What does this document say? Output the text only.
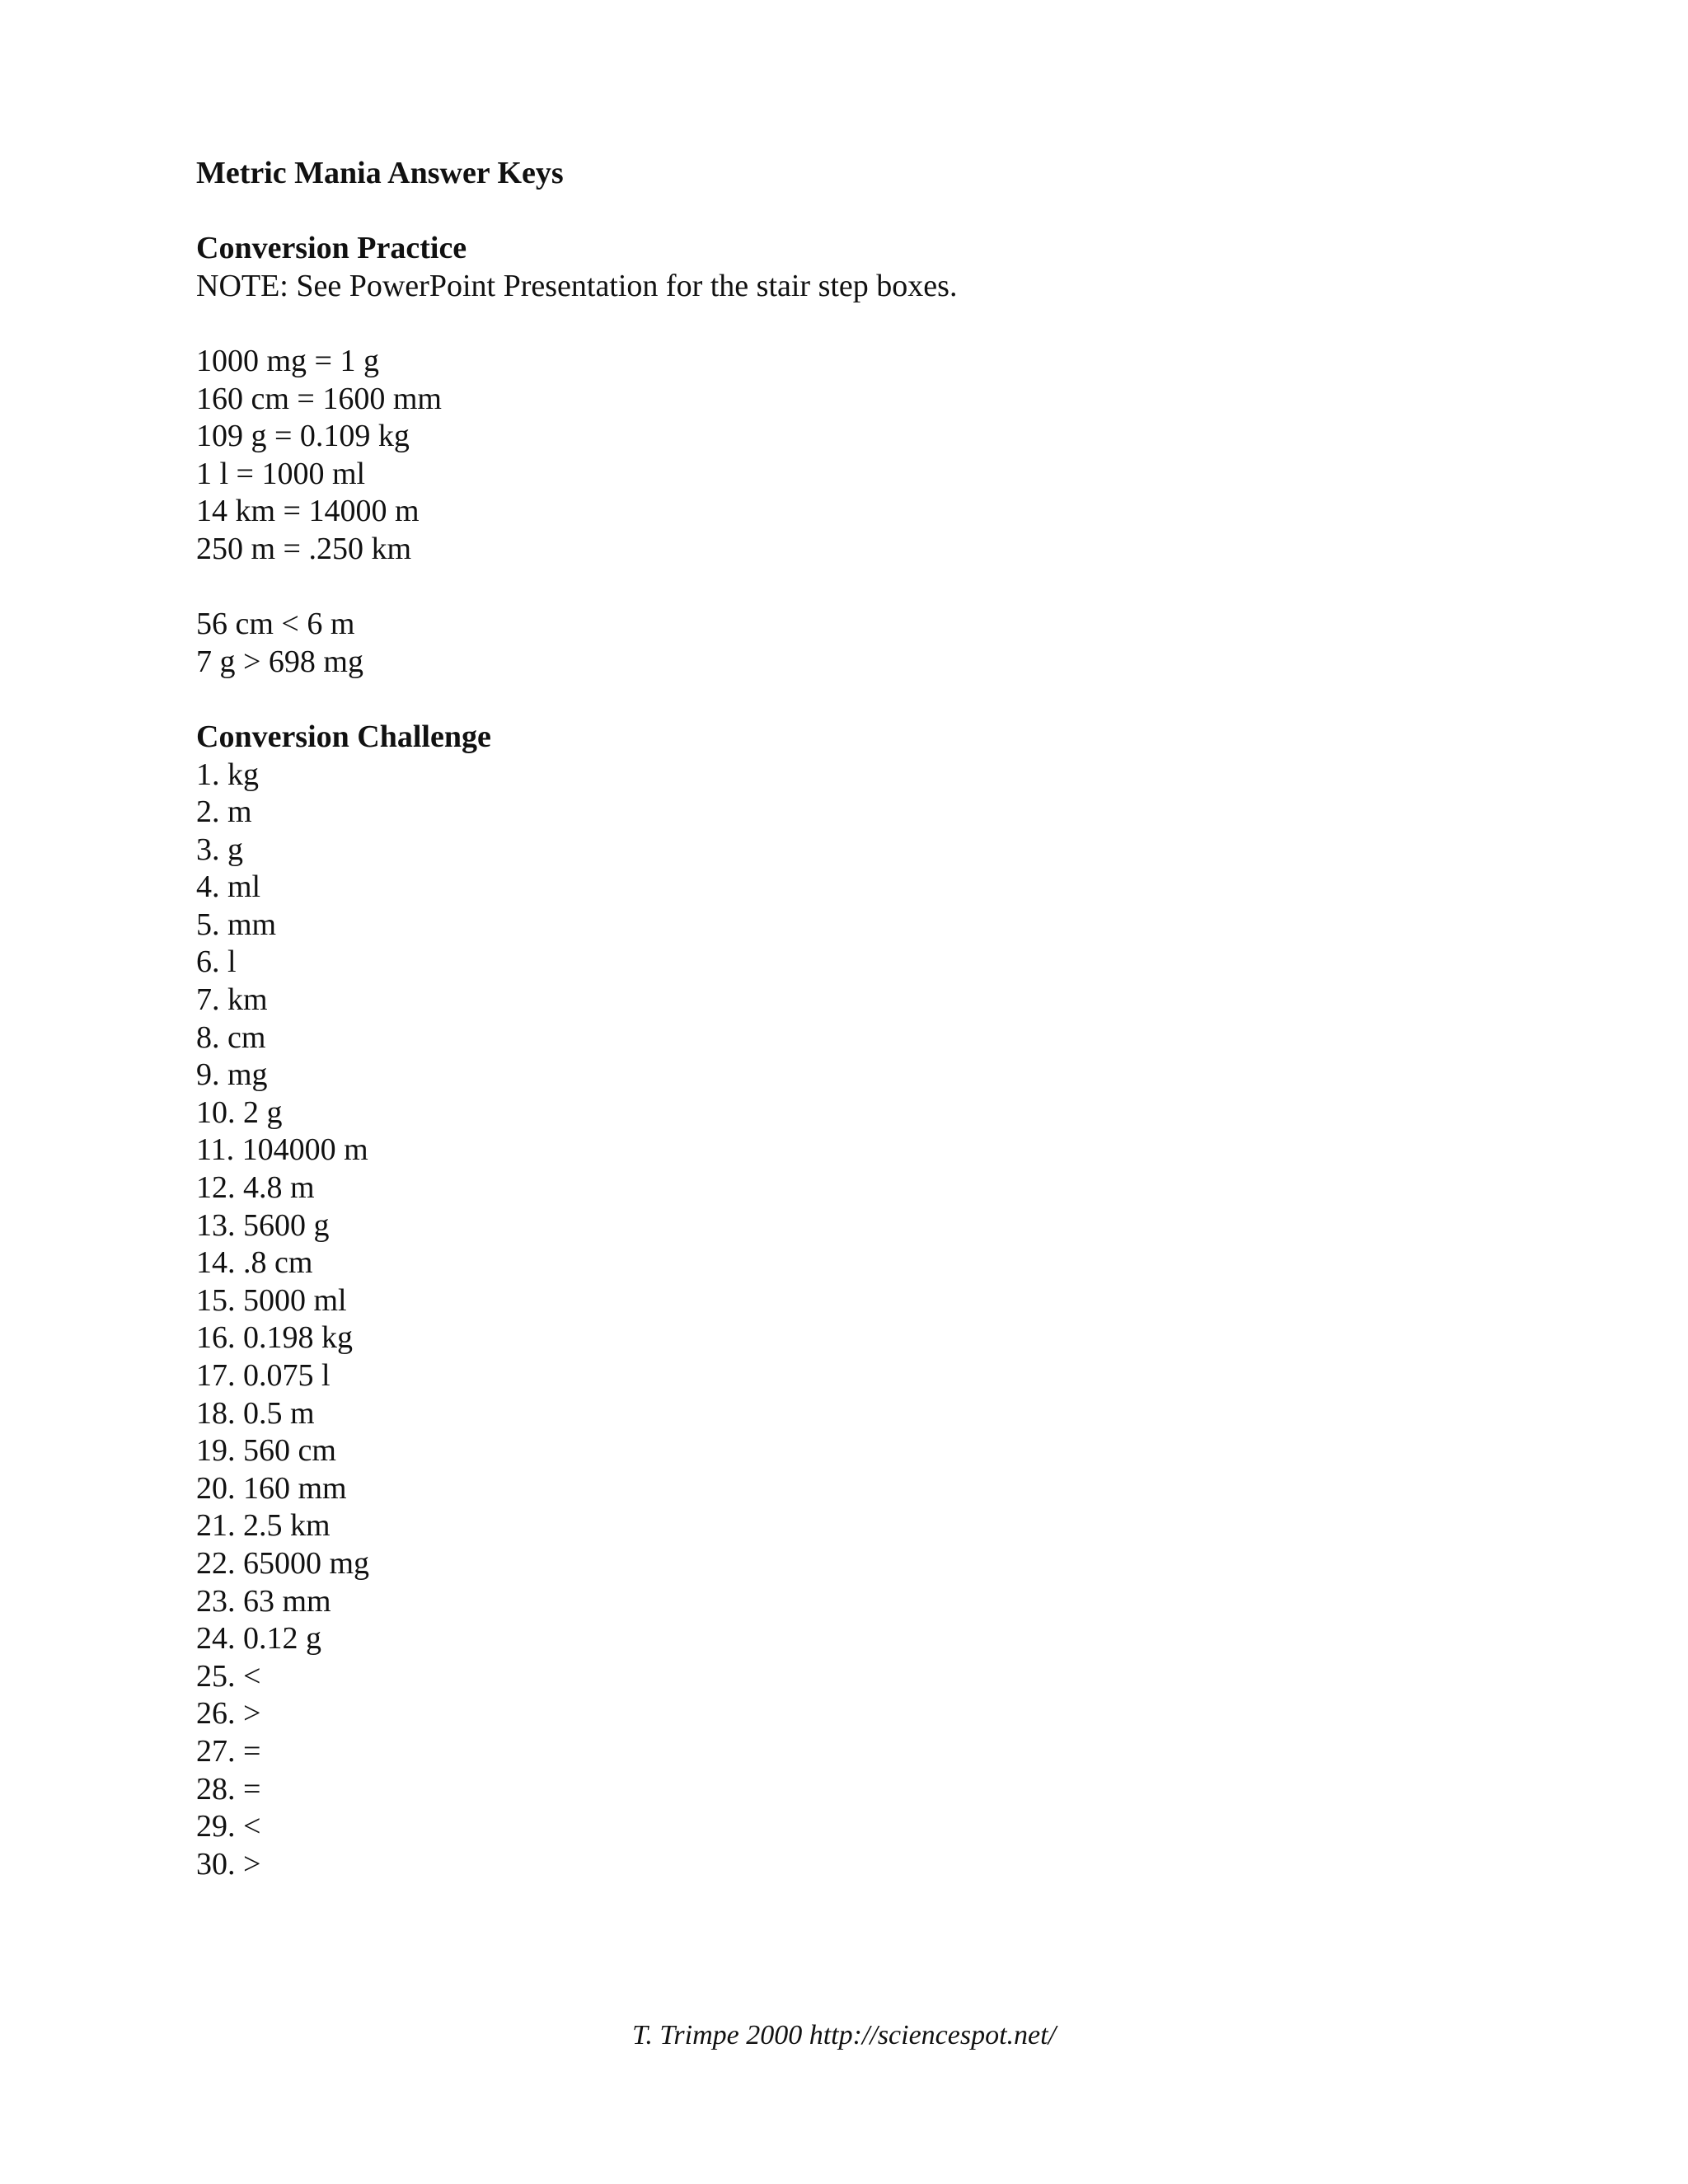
Metric Mania Answer Keys

Conversion Practice

NOTE: See PowerPoint Presentation for the stair step boxes.

1000 mg = 1 g

160 cm = 1600 mm

109 g = 0.109 kg

1 l = 1000 ml

14 km = 14000 m

250 m = .250 km

56 cm < 6 m

7 g > 698 mg

Conversion Challenge

1. kg

2. m

3. g

4. ml

5. mm

6. l

7. km

8. cm

9. mg

10. 2 g

11. 104000 m

12. 4.8 m

13. 5600 g

14. .8 cm

15. 5000 ml

16. 0.198 kg

17. 0.075 l

18. 0.5 m

19. 560 cm

20. 160 mm

21. 2.5 km

22. 65000 mg

23. 63 mm

24. 0.12 g

25. <

26. >

27. =

28. =

29. <

30. >

T. Trimpe 2000 http://sciencespot.net/
